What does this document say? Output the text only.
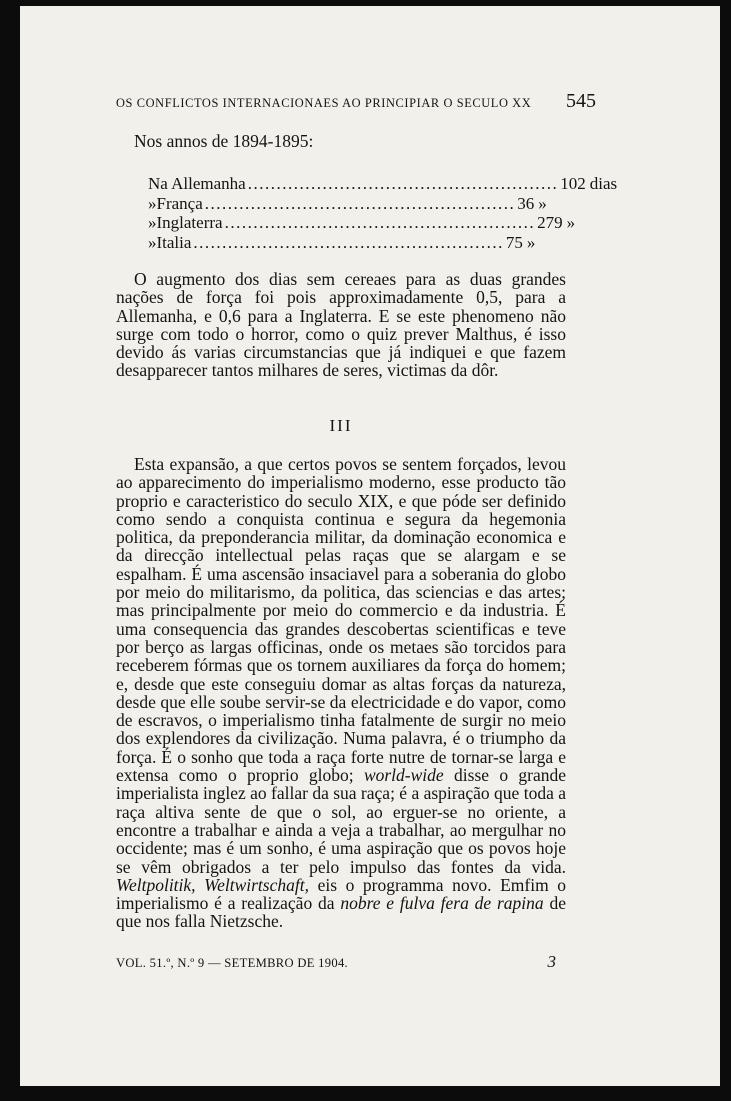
OS CONFLICTOS INTERNACIONAES AO PRINCIPIAR O SECULO XX 545

Nos annos de 1894-1895:

Na Allemanha ...................................................... 102 dias
» França ...................................................... 36 »
» Inglaterra ...................................................... 279 »
» Italia ...................................................... 75 »

O augmento dos dias sem cereaes para as duas grandes nações de força foi pois approximadamente 0,5, para a Allemanha, e 0,6 para a Inglaterra. E se este phenomeno não surge com todo o horror, como o quiz prever Malthus, é isso devido ás varias circumstancias que já indiquei e que fazem desapparecer tantos milhares de seres, victimas da dôr.

III

Esta expansão, a que certos povos se sentem forçados, levou ao apparecimento do imperialismo moderno, esse producto tão proprio e caracteristico do seculo XIX, e que póde ser definido como sendo a conquista continua e segura da hegemonia politica, da preponderancia militar, da dominação economica e da direcção intellectual pelas raças que se alargam e se espalham. É uma ascensão insaciavel para a soberania do globo por meio do militarismo, da politica, das sciencias e das artes; mas principalmente por meio do commercio e da industria. É uma consequencia das grandes descobertas scientificas e teve por berço as largas officinas, onde os metaes são torcidos para receberem fórmas que os tornem auxiliares da força do homem; e, desde que este conseguiu domar as altas forças da natureza, desde que elle soube servir-se da electricidade e do vapor, como de escravos, o imperialismo tinha fatalmente de surgir no meio dos explendores da civilização. Numa palavra, é o triumpho da força. É o sonho que toda a raça forte nutre de tornar-se larga e extensa como o proprio globo; world-wide disse o grande imperialista inglez ao fallar da sua raça; é a aspiração que toda a raça altiva sente de que o sol, ao erguer-se no oriente, a encontre a trabalhar e ainda a veja a trabalhar, ao mergulhar no occidente; mas é um sonho, é uma aspiração que os povos hoje se vêm obrigados a ter pelo impulso das fontes da vida. Weltpolitik, Weltwirtschaft, eis o programma novo. Emfim o imperialismo é a realização da nobre e fulva fera de rapina de que nos falla Nietzsche.

VOL. 51.º, N.º 9 — SETEMBRO DE 1904.	3
